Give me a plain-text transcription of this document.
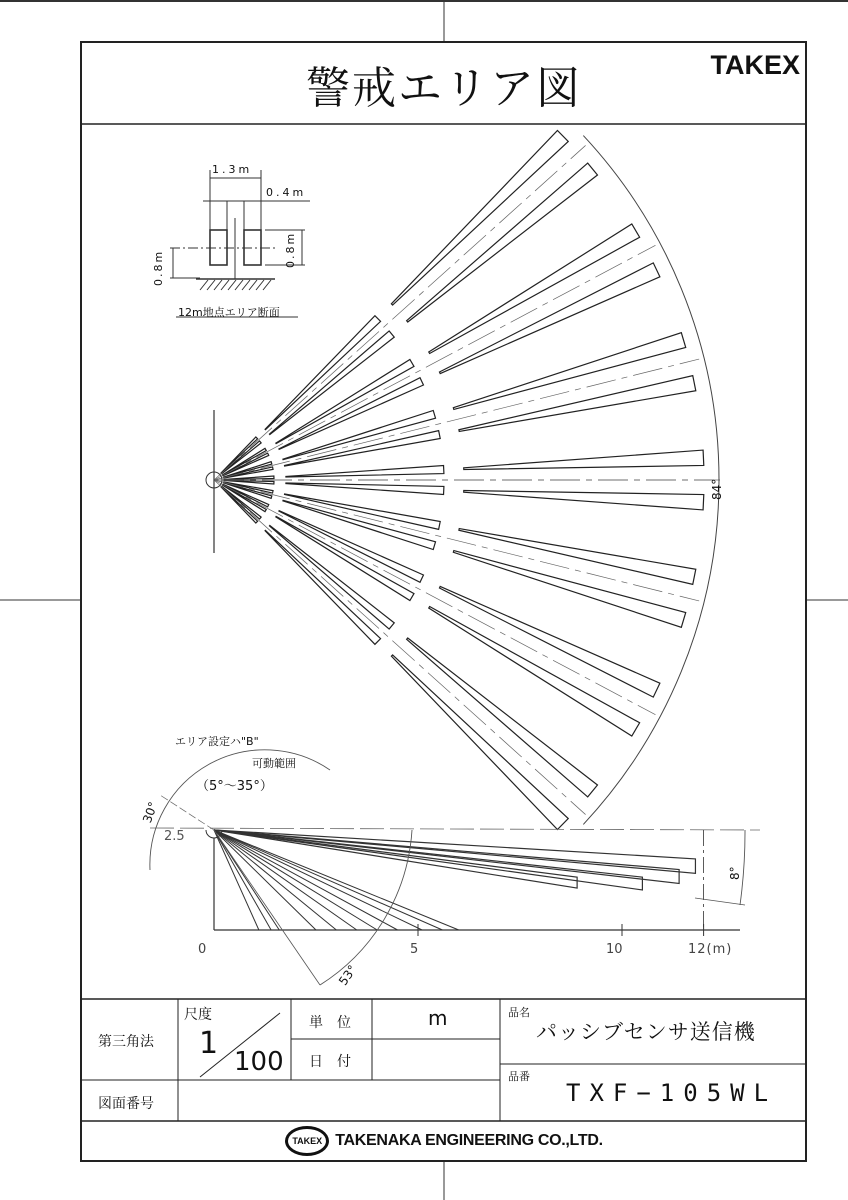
警戒エリア図	TAKEX
1.3m
0.4m
0.8m	0.8m
12m地点エリア断面
84°
エリア設定ハ"B"
可動範囲
（5°～35°）
30°
2.5
53°
8°
0	5	10	12(m)
第三角法
尺度
1
100
単　位	m
日　付
図面番号
品名
パッシブセンサ送信機
品番
TXF−105WL
TAKEX TAKENAKA ENGINEERING CO.,LTD.
